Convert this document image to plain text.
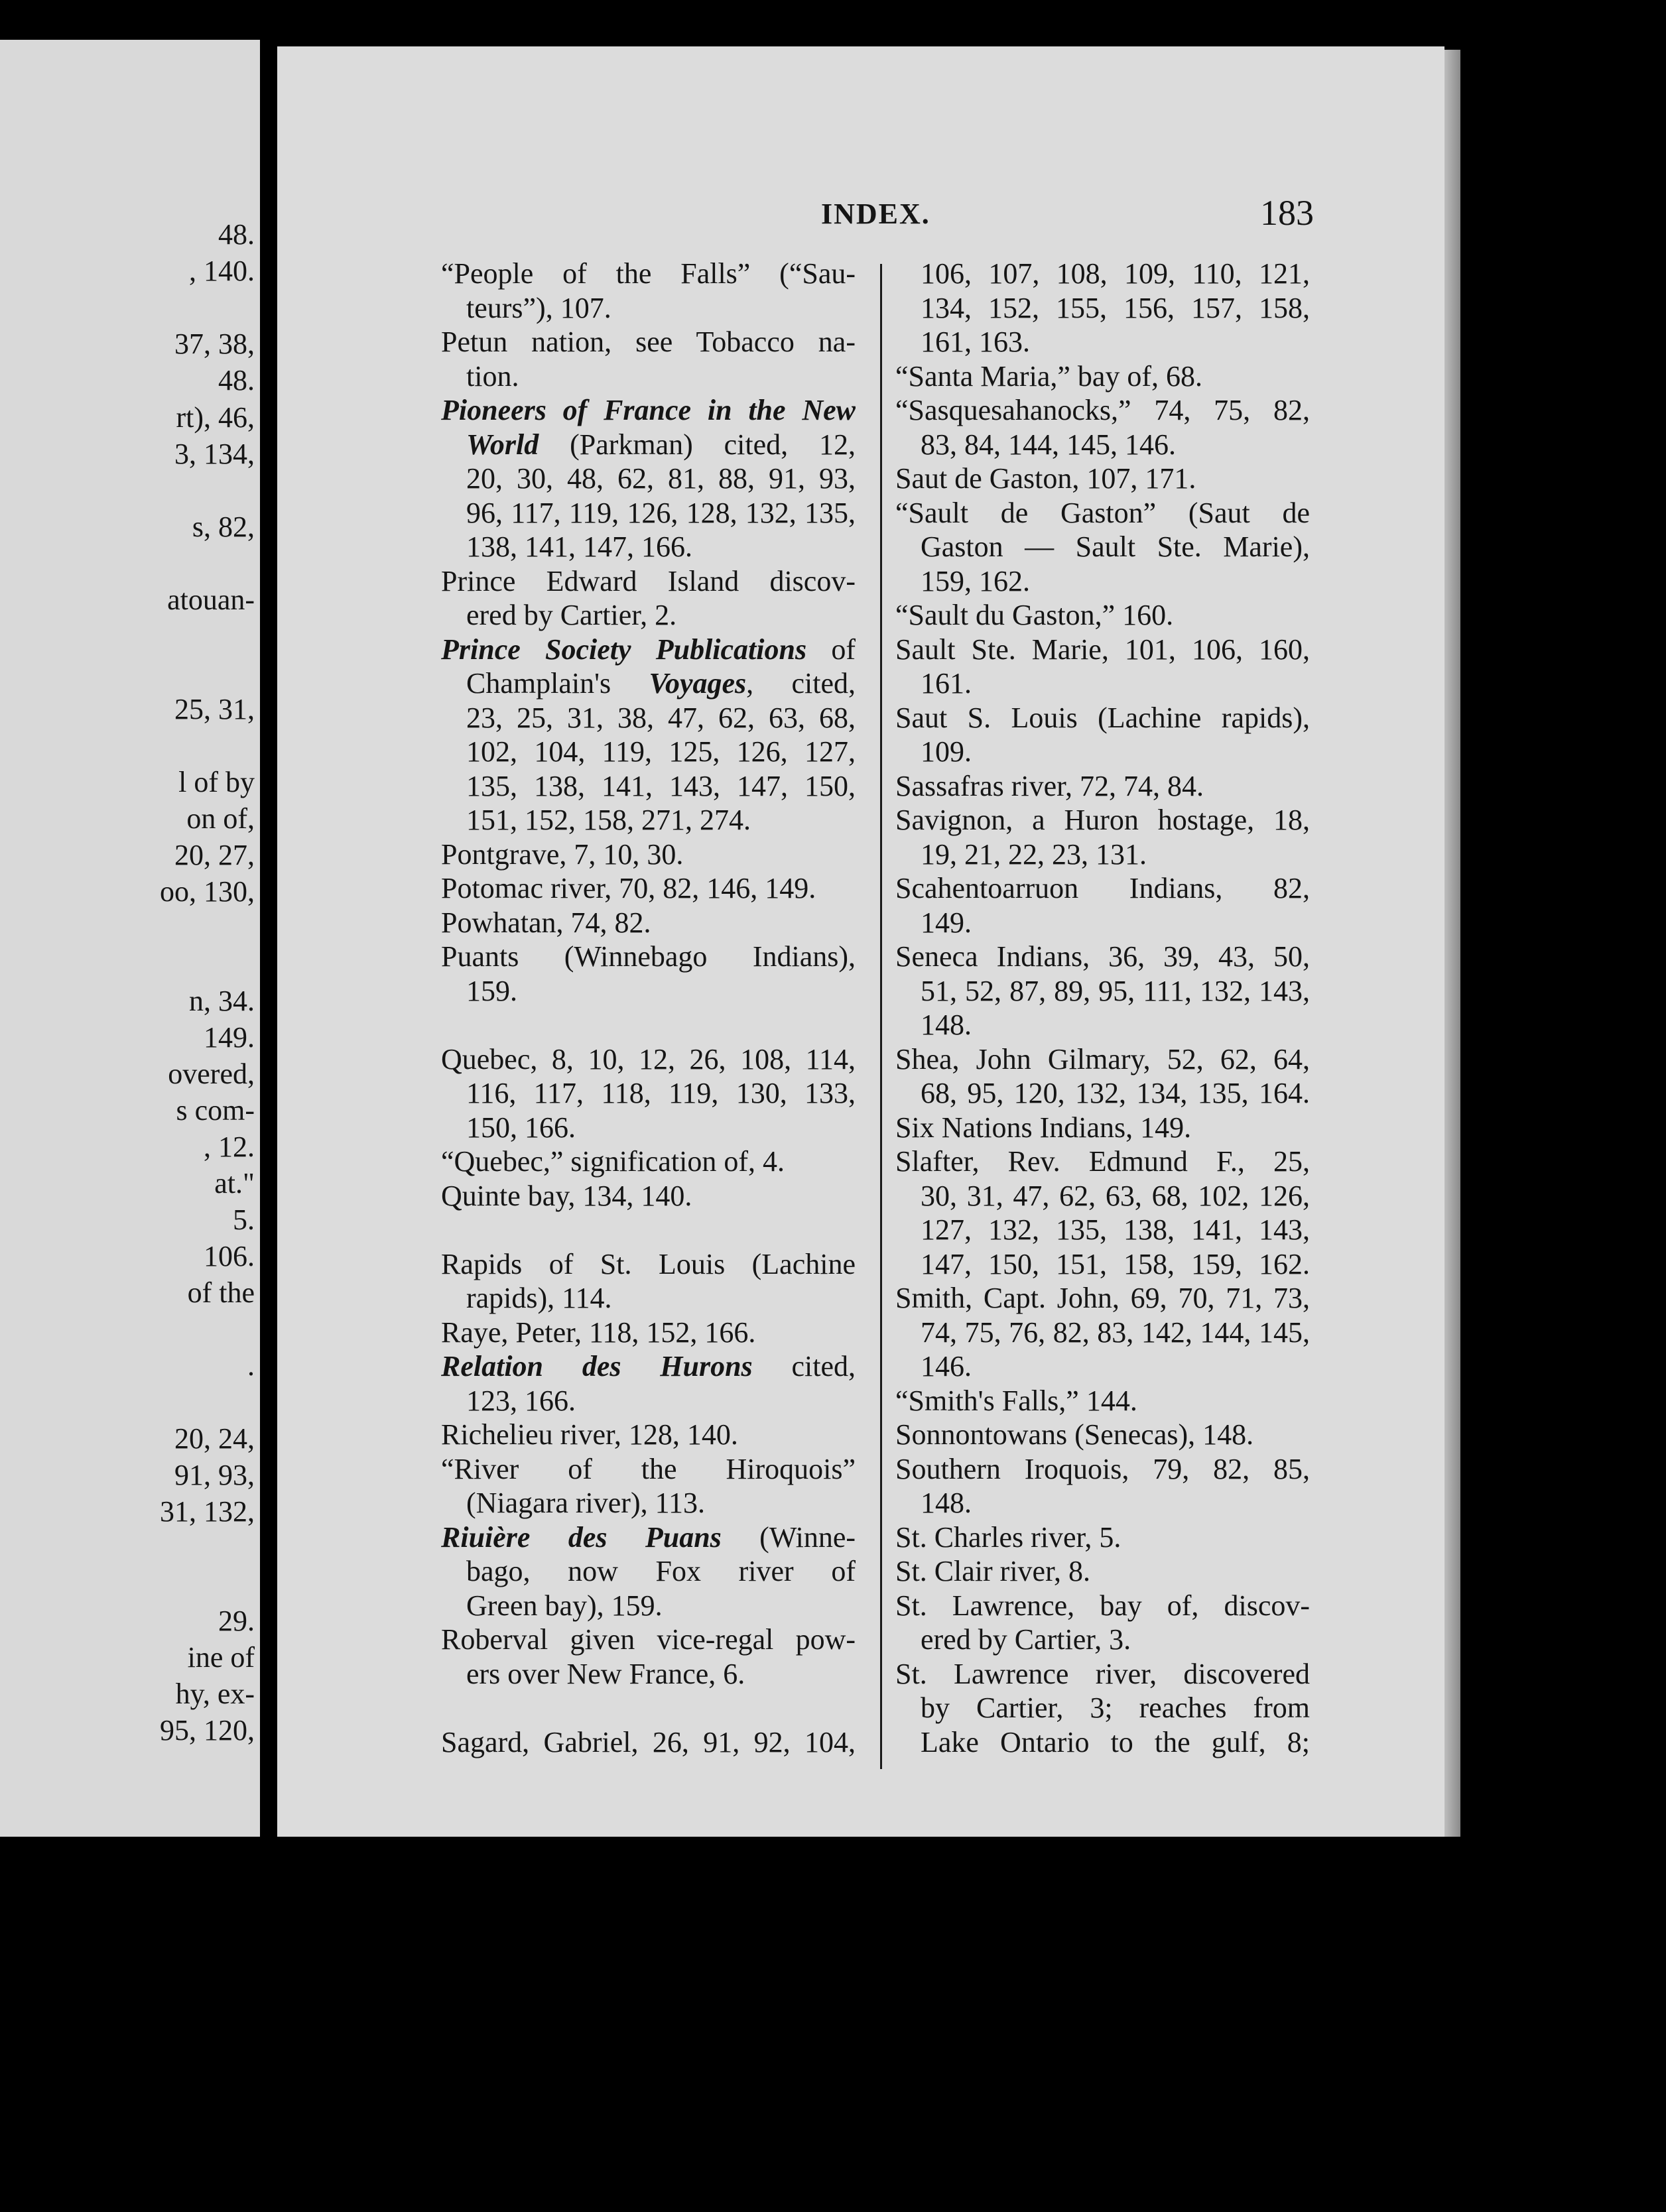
48.
, 140.
37, 38,
48.
rt), 46,
3, 134,
s, 82,
atouan-
25, 31,
l of by
on of,
20, 27,
oo, 130,
n, 34.
149.
overed,
s com-
, 12.
at."
5.
106.
of the
.
20, 24,
91, 93,
31, 132,
29.
ine of
hy, ex-
95, 120,
INDEX.	183
“People of the Falls” (“Sau-
teurs”), 107.
Petun nation, see Tobacco na-
tion.
Pioneers of France in the New
World (Parkman) cited, 12,
20, 30, 48, 62, 81, 88, 91, 93,
96, 117, 119, 126, 128, 132, 135,
138, 141, 147, 166.
Prince Edward Island discov-
ered by Cartier, 2.
Prince Society Publications of
Champlain's Voyages, cited,
23, 25, 31, 38, 47, 62, 63, 68,
102, 104, 119, 125, 126, 127,
135, 138, 141, 143, 147, 150,
151, 152, 158, 271, 274.
Pontgrave, 7, 10, 30.
Potomac river, 70, 82, 146, 149.
Powhatan, 74, 82.
Puants (Winnebago Indians),
159.
Quebec, 8, 10, 12, 26, 108, 114,
116, 117, 118, 119, 130, 133,
150, 166.
“Quebec,” signification of, 4.
Quinte bay, 134, 140.
Rapids of St. Louis (Lachine
rapids), 114.
Raye, Peter, 118, 152, 166.
Relation des Hurons cited,
123, 166.
Richelieu river, 128, 140.
“River of the Hiroquois”
(Niagara river), 113.
Riuière des Puans (Winne-
bago, now Fox river of
Green bay), 159.
Roberval given vice-regal pow-
ers over New France, 6.
Sagard, Gabriel, 26, 91, 92, 104,
106, 107, 108, 109, 110, 121,
134, 152, 155, 156, 157, 158,
161, 163.
“Santa Maria,” bay of, 68.
“Sasquesahanocks,” 74, 75, 82,
83, 84, 144, 145, 146.
Saut de Gaston, 107, 171.
“Sault de Gaston” (Saut de
Gaston — Sault Ste. Marie),
159, 162.
“Sault du Gaston,” 160.
Sault Ste. Marie, 101, 106, 160,
161.
Saut S. Louis (Lachine rapids),
109.
Sassafras river, 72, 74, 84.
Savignon, a Huron hostage, 18,
19, 21, 22, 23, 131.
Scahentoarruon Indians, 82,
149.
Seneca Indians, 36, 39, 43, 50,
51, 52, 87, 89, 95, 111, 132, 143,
148.
Shea, John Gilmary, 52, 62, 64,
68, 95, 120, 132, 134, 135, 164.
Six Nations Indians, 149.
Slafter, Rev. Edmund F., 25,
30, 31, 47, 62, 63, 68, 102, 126,
127, 132, 135, 138, 141, 143,
147, 150, 151, 158, 159, 162.
Smith, Capt. John, 69, 70, 71, 73,
74, 75, 76, 82, 83, 142, 144, 145,
146.
“Smith's Falls,” 144.
Sonnontowans (Senecas), 148.
Southern Iroquois, 79, 82, 85,
148.
St. Charles river, 5.
St. Clair river, 8.
St. Lawrence, bay of, discov-
ered by Cartier, 3.
St. Lawrence river, discovered
by Cartier, 3; reaches from
Lake Ontario to the gulf, 8;
